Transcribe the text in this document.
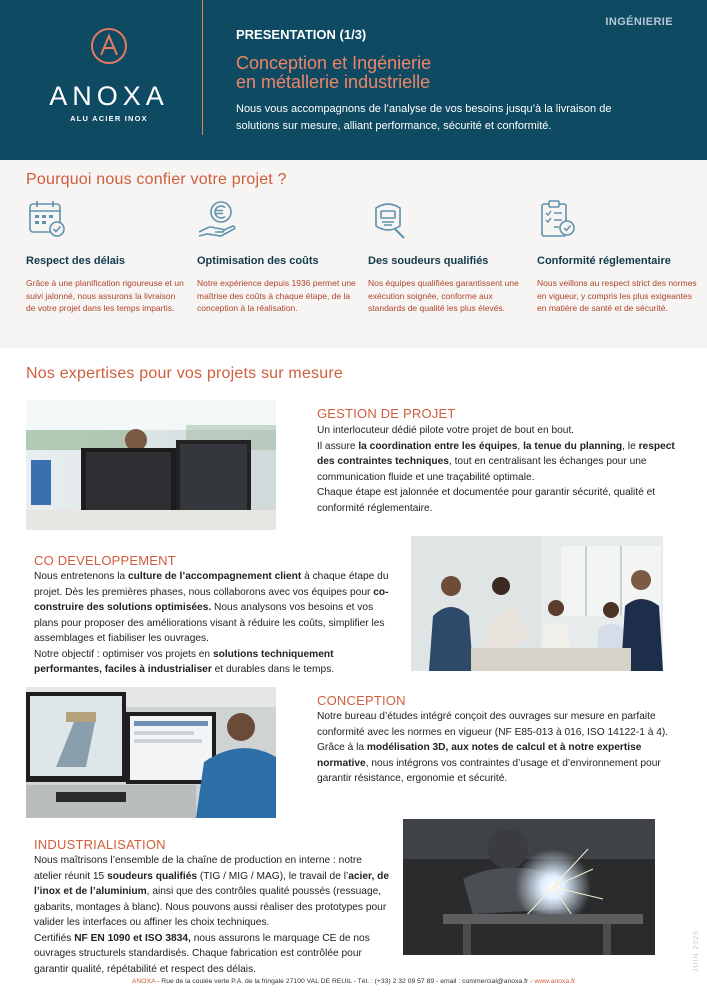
ANOXA
ALU ACIER INOX
INGÉNIERIE
PRESENTATION (1/3)
Conception et Ingénierie
en métallerie industrielle
Nous vous accompagnons de l’analyse de vos besoins jusqu’à la livraison de solutions sur mesure, alliant performance, sécurité et conformité.
Pourquoi nous confier votre projet ?
Respect des délais
Grâce à une planification rigoureuse et un suivi jalonné, nous assurons la livraison de votre projet dans les temps impartis.
Optimisation des coûts
Notre expérience depuis 1936 permet une maîtrise des coûts à chaque étape, de la conception à la réalisation.
Des soudeurs qualifiés
Nos équipes qualifiées garantissent une exécution soignée, conforme aux standards de qualité les plus élevés.
Conformité réglementaire
Nous veillons au respect strict des normes en vigueur, y compris les plus exigeantes en matière de santé et de sécurité.
Nos expertises pour vos projets sur mesure
GESTION DE PROJET
Un interlocuteur dédié pilote votre projet de bout en bout.
Il assure la coordination entre les équipes, la tenue du planning, le respect des contraintes techniques, tout en centralisant les échanges pour une communication fluide et une traçabilité optimale.
Chaque étape est jalonnée et documentée pour garantir sécurité, qualité et conformité réglementaire.
CO DEVELOPPEMENT
Nous entretenons la culture de l’accompagnement client à chaque étape du projet. Dès les premières phases, nous collaborons avec vos équipes pour co-construire des solutions optimisées. Nous analysons vos besoins et vos plans pour proposer des améliorations visant à réduire les coûts, simplifier les assemblages et fiabiliser les ouvrages.
Notre objectif : optimiser vos projets en solutions techniquement performantes, faciles à industrialiser et durables dans le temps.
CONCEPTION
Notre bureau d’études intégré conçoit des ouvrages sur mesure en parfaite conformité avec les normes en vigueur (NF E85-013 à 016, ISO 14122-1 à 4).
Grâce à la modélisation 3D, aux notes de calcul et à notre expertise normative, nous intégrons vos contraintes d’usage et d’environnement pour garantir résistance, ergonomie et sécurité.
INDUSTRIALISATION
Nous maîtrisons l’ensemble de la chaîne de production en interne : notre atelier réunit 15 soudeurs qualifiés (TIG / MIG / MAG), le travail de l’acier, de l’inox et de l’aluminium, ainsi que des contrôles qualité poussés (ressuage, gabarits, montages à blanc). Nous pouvons aussi réaliser des prototypes pour valider les interfaces ou affiner les choix techniques.
Certifiés NF EN 1090 et ISO 3834, nous assurons le marquage CE de nos ouvrages structurels standardisés. Chaque fabrication est contrôlée pour garantir qualité, répétabilité et respect des délais.	JUIN 2025
ANOXA - Rue de la coulée verte P.A. de la fringale 27100 VAL DE REUIL - Tél. : (+33) 2 32 09 57 89 - email : commercial@anoxa.fr - www.anoxa.fr
